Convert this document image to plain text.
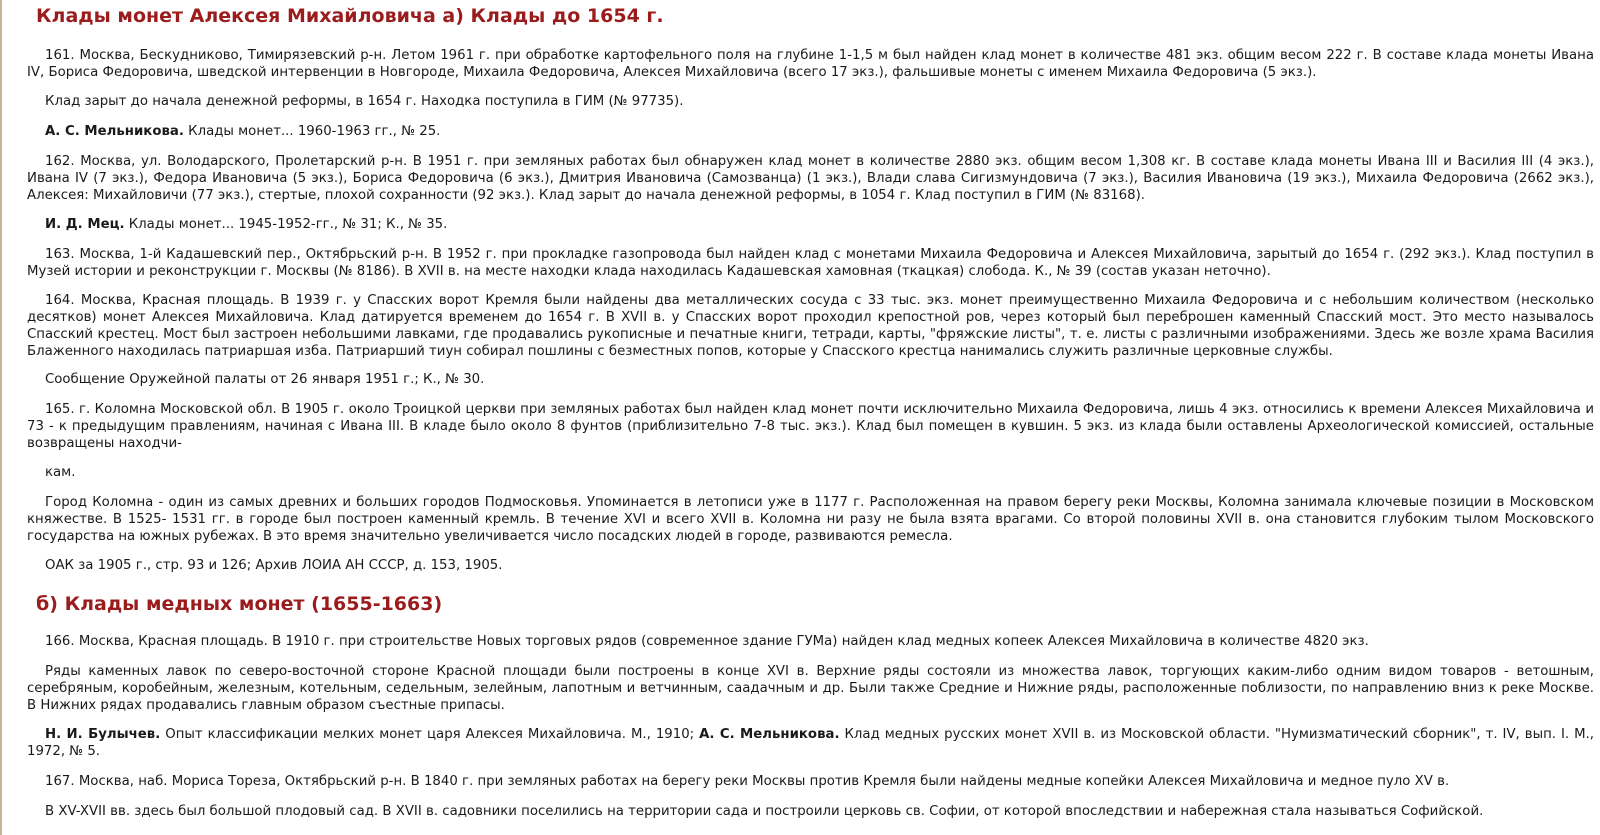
Клады монет Алексея Михайловича а) Клады до 1654 г.

161. Москва, Бескудниково, Тимирязевский р-н. Летом 1961 г. при обработке картофельного поля на глубине 1-1,5 м был найден клад монет в количестве 481 экз. общим весом 222 г. В составе клада монеты Ивана IV, Бориса Федоровича, шведской интервенции в Новгороде, Михаила Федоровича, Алексея Михайловича (всего 17 экз.), фальшивые монеты с именем Михаила Федоровича (5 экз.).

Клад зарыт до начала денежной реформы, в 1654 г. Находка поступила в ГИМ (№ 97735).

А. С. Мельникова. Клады монет... 1960-1963 гг., № 25.

162. Москва, ул. Володарского, Пролетарский р-н. В 1951 г. при земляных работах был обнаружен клад монет в количестве 2880 экз. общим весом 1,308 кг. В составе клада монеты Ивана III и Василия III (4 экз.), Ивана IV (7 экз.), Федора Ивановича (5 экз.), Бориса Федоровича (6 экз.), Дмитрия Ивановича (Самозванца) (1 экз.), Влади слава Сигизмундовича (7 экз.), Василия Ивановича (19 экз.), Михаила Федоровича (2662 экз.), Алексея: Михайловичи (77 экз.), стертые, плохой сохранности (92 экз.). Клад зарыт до начала денежной реформы, в 1054 г. Клад поступил в ГИМ (№ 83168).

И. Д. Мец. Клады монет... 1945-1952-гг., № 31; К., № 35.

163. Москва, 1-й Кадашевский пер., Октябрьский р-н. В 1952 г. при прокладке газопровода был найден клад с монетами Михаила Федоровича и Алексея Михайловича, зарытый до 1654 г. (292 экз.). Клад поступил в Музей истории и реконструкции г. Москвы (№ 8186). В XVII в. на месте находки клада находилась Кадашевская хамовная (ткацкая) слобода. К., № 39 (состав указан неточно).

164. Москва, Красная площадь. В 1939 г. у Спасских ворот Кремля были найдены два металлических сосуда с 33 тыс. экз. монет преимущественно Михаила Федоровича и с небольшим количеством (несколько десятков) монет Алексея Михайловича. Клад датируется временем до 1654 г. В XVII в. у Спасских ворот проходил крепостной ров, через который был переброшен каменный Спасский мост. Это место называлось Спасский крестец. Мост был застроен небольшими лавками, где продавались рукописные и печатные книги, тетради, карты, "фряжские листы", т. е. листы с различными изображениями. Здесь же возле храма Василия Блаженного находилась патриаршая изба. Патриарший тиун собирал пошлины с безместных попов, которые у Спасского крестца нанимались служить различные церковные службы.

Сообщение Оружейной палаты от 26 января 1951 г.; К., № 30.

165. г. Коломна Московской обл. В 1905 г. около Троицкой церкви при земляных работах был найден клад монет почти исключительно Михаила Федоровича, лишь 4 экз. относились к времени Алексея Михайловича и 73 - к предыдущим правлениям, начиная с Ивана III. В кладе было около 8 фунтов (приблизительно 7-8 тыс. экз.). Клад был помещен в кувшин. 5 экз. из клада были оставлены Археологической комиссией, остальные возвращены находчи-

кам.

Город Коломна - один из самых древних и больших городов Подмосковья. Упоминается в летописи уже в 1177 г. Расположенная на правом берегу реки Москвы, Коломна занимала ключевые позиции в Московском княжестве. В 1525- 1531 гг. в городе был построен каменный кремль. В течение XVI и всего XVII в. Коломна ни разу не была взята врагами. Со второй половины XVII в. она становится глубоким тылом Московского государства на южных рубежах. В это время значительно увеличивается число посадских людей в городе, развиваются ремесла.

ОАК за 1905 г., стр. 93 и 126; Архив ЛОИА АН СССР, д. 153, 1905.

б) Клады медных монет (1655-1663)

166. Москва, Красная площадь. В 1910 г. при строительстве Новых торговых рядов (современное здание ГУМа) найден клад медных копеек Алексея Михайловича в количестве 4820 экз.

Ряды каменных лавок по северо-восточной стороне Красной площади были построены в конце XVI в. Верхние ряды состояли из множества лавок, торгующих каким-либо одним видом товаров - ветошным, серебряным, коробейным, железным, котельным, седельным, зелейным, лапотным и ветчинным, саадачным и др. Были также Средние и Нижние ряды, расположенные поблизости, по направлению вниз к реке Москве. В Нижних рядах продавались главным образом съестные припасы.

Н. И. Булычев. Опыт классификации мелких монет царя Алексея Михайловича. М., 1910; А. С. Мельникова. Клад медных русских монет XVII в. из Московской области. "Нумизматический сборник", т. IV, вып. I. М., 1972, № 5.

167. Москва, наб. Мориса Тореза, Октябрьский р-н. В 1840 г. при земляных работах на берегу реки Москвы против Кремля были найдены медные копейки Алексея Михайловича и медное пуло XV в.

В XV-XVII вв. здесь был большой плодовый сад. В XVII в. садовники поселились на территории сада и построили церковь св. Софии, от которой впоследствии и набережная стала называться Софийской.
